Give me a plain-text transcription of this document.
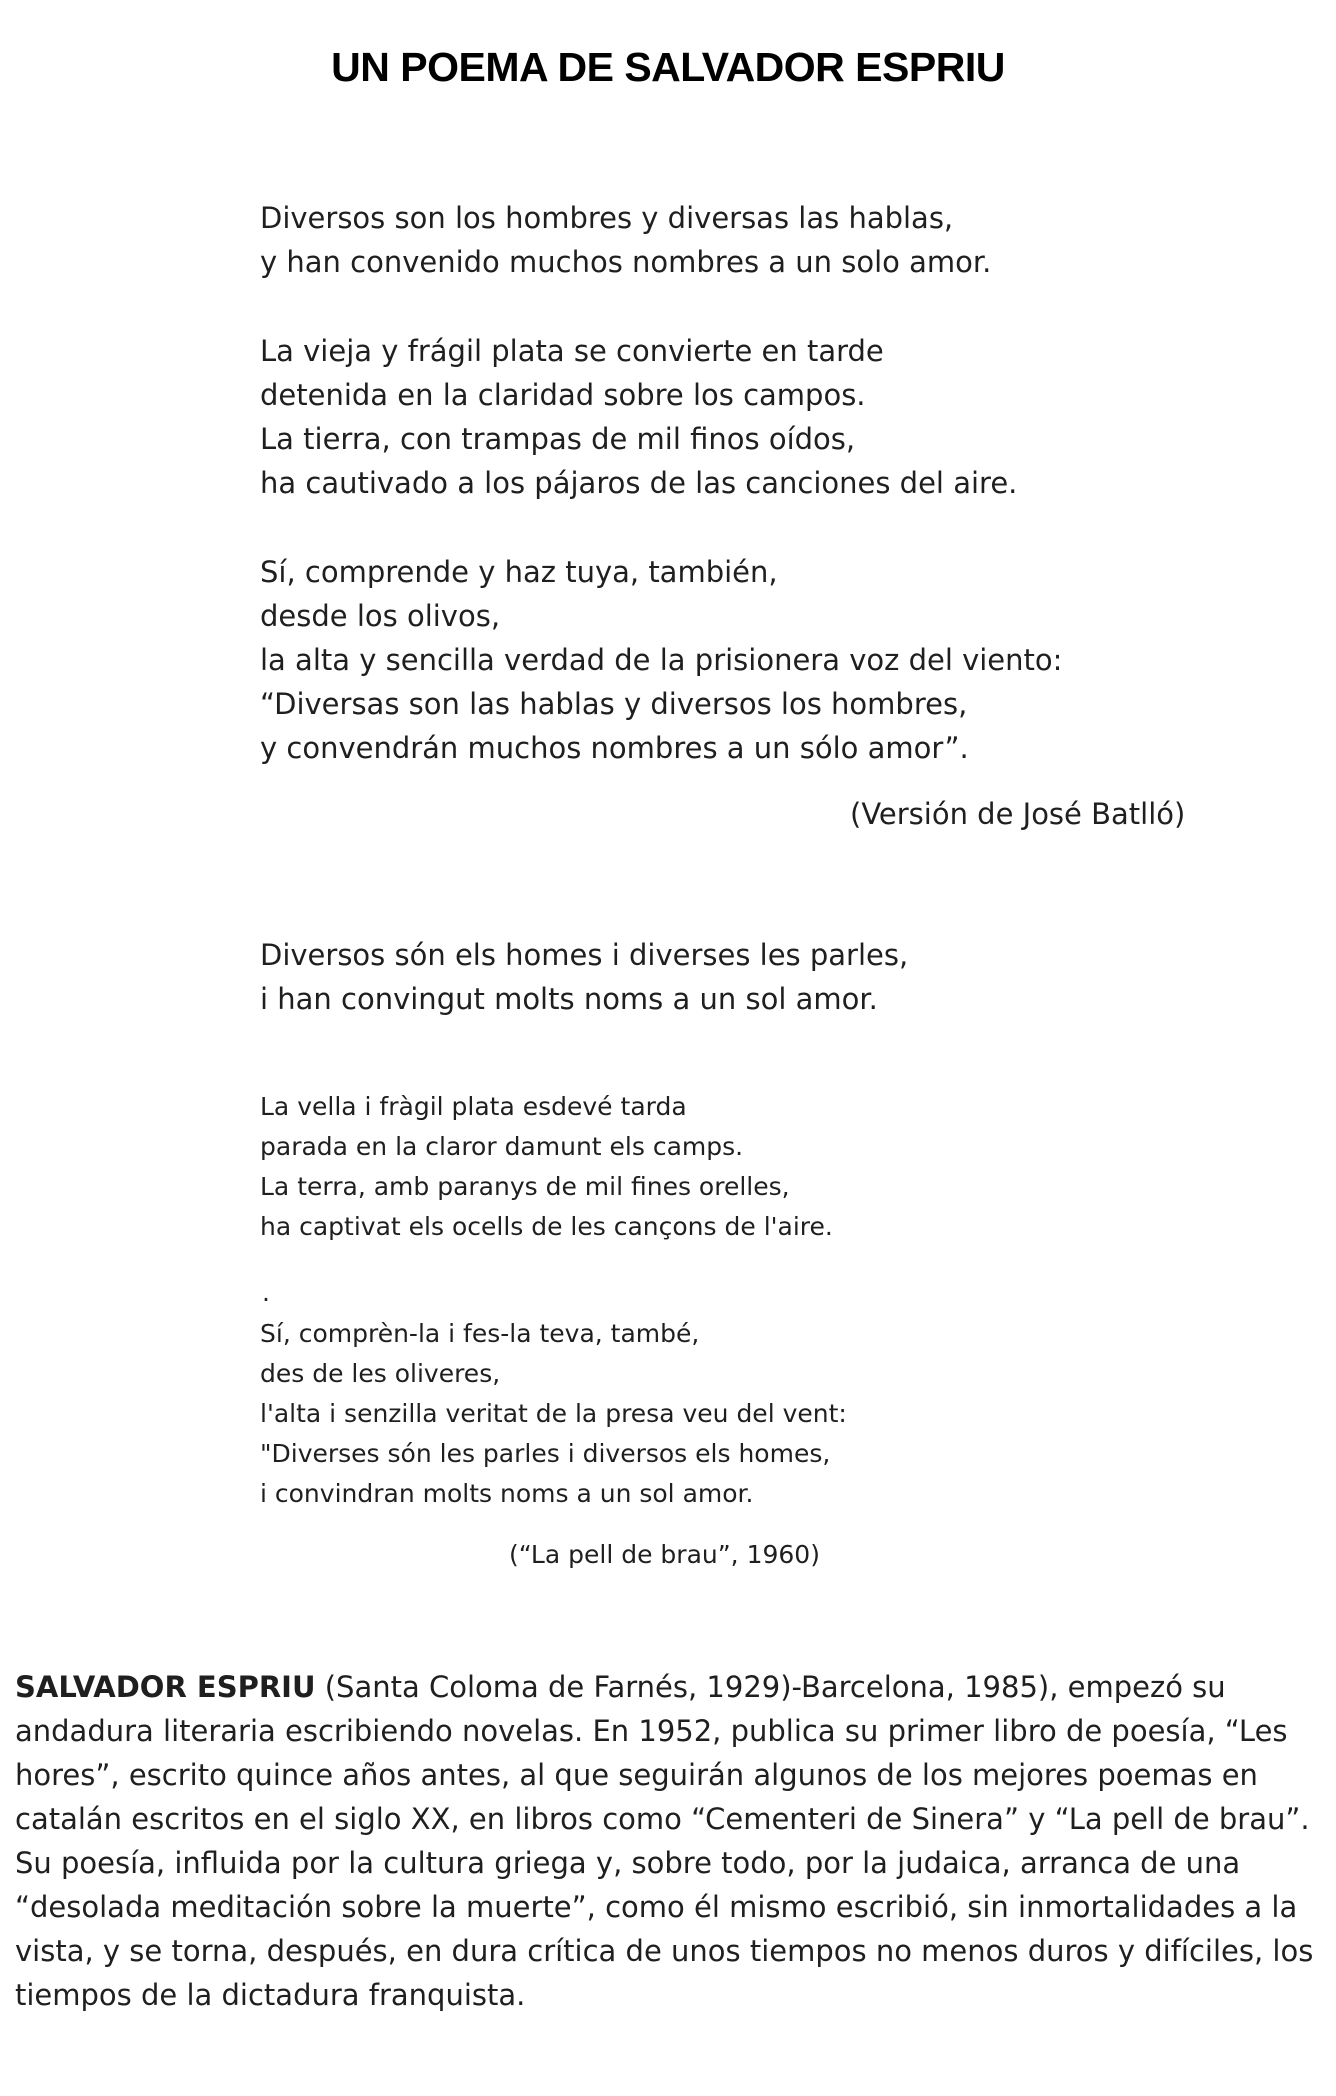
UN POEMA DE SALVADOR ESPRIU
Diversos son los hombres y diversas las hablas,
y han convenido muchos nombres a un solo amor.
La vieja y frágil plata se convierte en tarde
detenida en la claridad sobre los campos.
La tierra, con trampas de mil finos oídos,
ha cautivado a los pájaros de las canciones del aire.
Sí, comprende y haz tuya, también,
desde los olivos,
la alta y sencilla verdad de la prisionera voz del viento:
“Diversas son las hablas y diversos los hombres,
y convendrán muchos nombres a un sólo amor”.
(Versión de José Batlló)
Diversos són els homes i diverses les parles,
i han convingut molts noms a un sol amor.
La vella i fràgil plata esdevé tarda
parada en la claror damunt els camps.
La terra, amb paranys de mil fines orelles,
ha captivat els ocells de les cançons de l'aire.
.
Sí, comprèn-la i fes-la teva, també,
des de les oliveres,
l'alta i senzilla veritat de la presa veu del vent:
"Diverses són les parles i diversos els homes,
i convindran molts noms a un sol amor.
(“La pell de brau”, 1960)

SALVADOR ESPRIU (Santa Coloma de Farnés, 1929)-Barcelona, 1985), empezó su andadura literaria escribiendo novelas. En 1952, publica su primer libro de poesía, “Les hores”, escrito quince años antes, al que seguirán algunos de los mejores poemas en catalán escritos en el siglo XX, en libros como “Cementeri de Sinera” y “La pell de brau”. Su poesía, influida por la cultura griega y, sobre todo, por la judaica, arranca de una “desolada meditación sobre la muerte”, como él mismo escribió, sin inmortalidades a la vista, y se torna, después, en dura crítica de unos tiempos no menos duros y difíciles, los tiempos de la dictadura franquista.
